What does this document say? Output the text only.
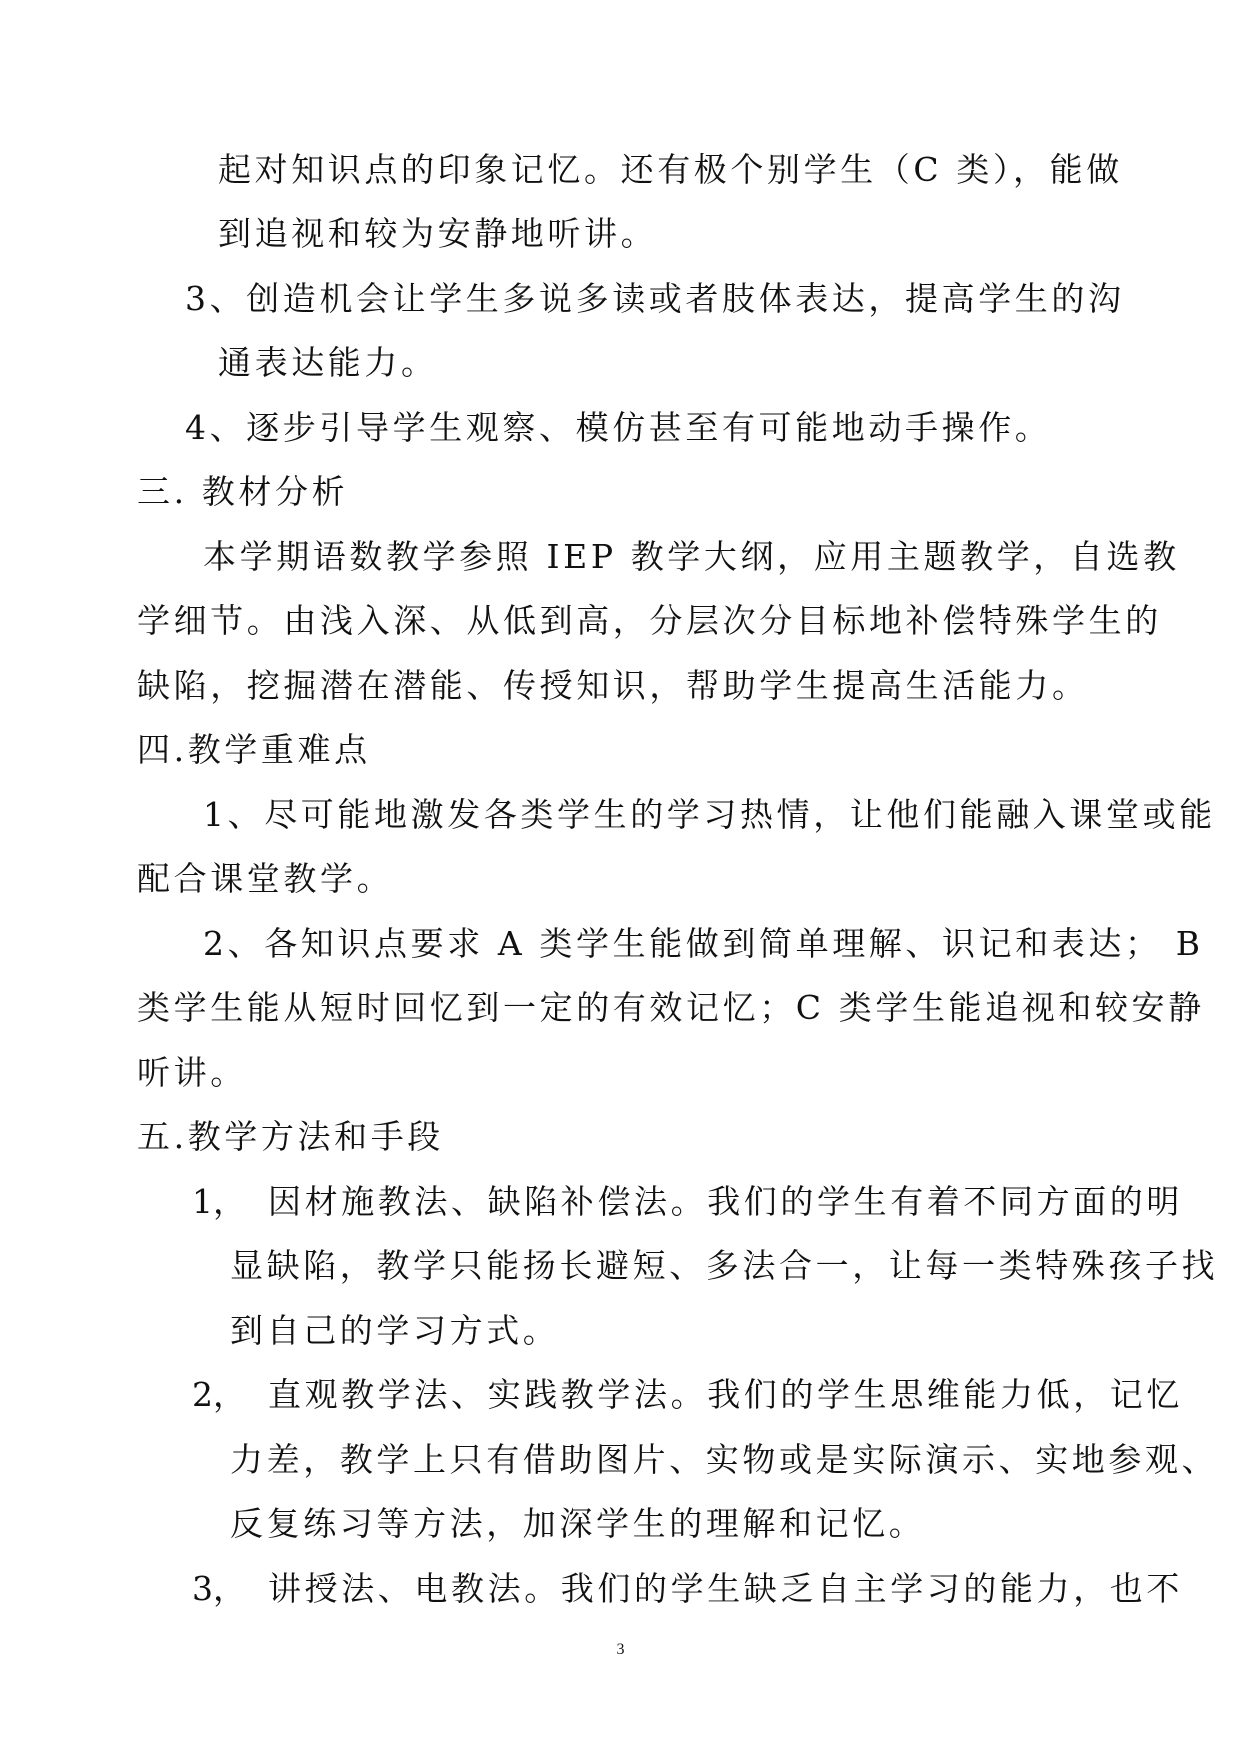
起对知识点的印象记忆。还有极个别学生（C 类），能做
到追视和较为安静地听讲。
3、创造机会让学生多说多读或者肢体表达，提高学生的沟
通表达能力。
4、逐步引导学生观察、模仿甚至有可能地动手操作。
三. 教材分析
本学期语数教学参照 IEP 教学大纲，应用主题教学，自选教
学细节。由浅入深、从低到高，分层次分目标地补偿特殊学生的
缺陷，挖掘潜在潜能、传授知识，帮助学生提高生活能力。
四.教学重难点
1、尽可能地激发各类学生的学习热情，让他们能融入课堂或能
配合课堂教学。
2、各知识点要求 A 类学生能做到简单理解、识记和表达； B
类学生能从短时回忆到一定的有效记忆；C 类学生能追视和较安静
听讲。
五.教学方法和手段
1， 因材施教法、缺陷补偿法。我们的学生有着不同方面的明
显缺陷，教学只能扬长避短、多法合一，让每一类特殊孩子找
到自己的学习方式。
2， 直观教学法、实践教学法。我们的学生思维能力低，记忆
力差，教学上只有借助图片、实物或是实际演示、实地参观、
反复练习等方法，加深学生的理解和记忆。
3， 讲授法、电教法。我们的学生缺乏自主学习的能力，也不
3
